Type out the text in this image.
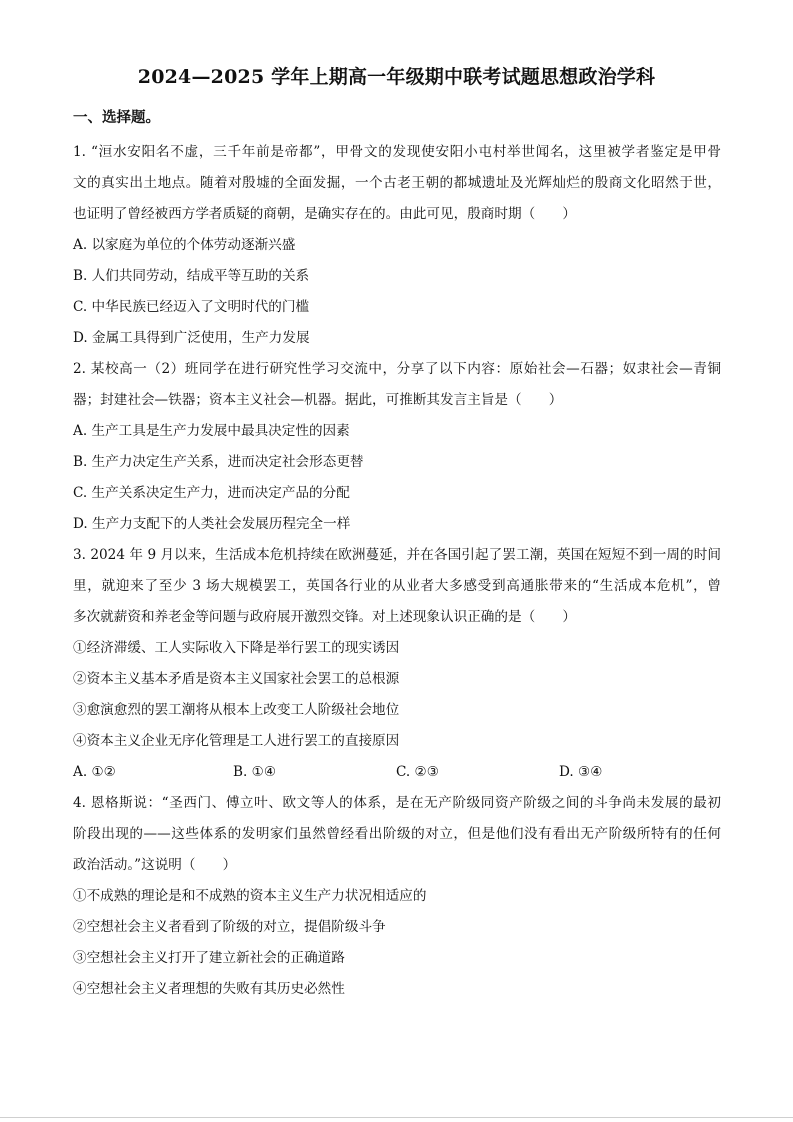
2024—2025 学年上期高一年级期中联考试题思想政治学科
一、选择题。
1. “洹水安阳名不虚，三千年前是帝都”，甲骨文的发现使安阳小屯村举世闻名，这里被学者鉴定是甲骨
文的真实出土地点。随着对殷墟的全面发掘，一个古老王朝的都城遗址及光辉灿烂的殷商文化昭然于世，
也证明了曾经被西方学者质疑的商朝，是确实存在的。由此可见，殷商时期（　　）
A. 以家庭为单位的个体劳动逐渐兴盛
B. 人们共同劳动，结成平等互助的关系
C. 中华民族已经迈入了文明时代的门槛
D. 金属工具得到广泛使用，生产力发展
2. 某校高一（2）班同学在进行研究性学习交流中，分享了以下内容：原始社会—石器；奴隶社会—青铜
器；封建社会—铁器；资本主义社会—机器。据此，可推断其发言主旨是（　　）
A. 生产工具是生产力发展中最具决定性的因素
B. 生产力决定生产关系，进而决定社会形态更替
C. 生产关系决定生产力，进而决定产品的分配
D. 生产力支配下的人类社会发展历程完全一样
3. 2024 年 9 月以来，生活成本危机持续在欧洲蔓延，并在各国引起了罢工潮，英国在短短不到一周的时间
里，就迎来了至少 3 场大规模罢工，英国各行业的从业者大多感受到高通胀带来的“生活成本危机”，曾
多次就薪资和养老金等问题与政府展开激烈交锋。对上述现象认识正确的是（　　）
①经济滞缓、工人实际收入下降是举行罢工的现实诱因
②资本主义基本矛盾是资本主义国家社会罢工的总根源
③愈演愈烈的罢工潮将从根本上改变工人阶级社会地位
④资本主义企业无序化管理是工人进行罢工的直接原因
A. ①②	B. ①④	C. ②③	D. ③④
4. 恩格斯说：“圣西门、傅立叶、欧文等人的体系，是在无产阶级同资产阶级之间的斗争尚未发展的最初
阶段出现的——这些体系的发明家们虽然曾经看出阶级的对立，但是他们没有看出无产阶级所特有的任何
政治活动。”这说明（　　）
①不成熟的理论是和不成熟的资本主义生产力状况相适应的
②空想社会主义者看到了阶级的对立，提倡阶级斗争
③空想社会主义打开了建立新社会的正确道路
④空想社会主义者理想的失败有其历史必然性
